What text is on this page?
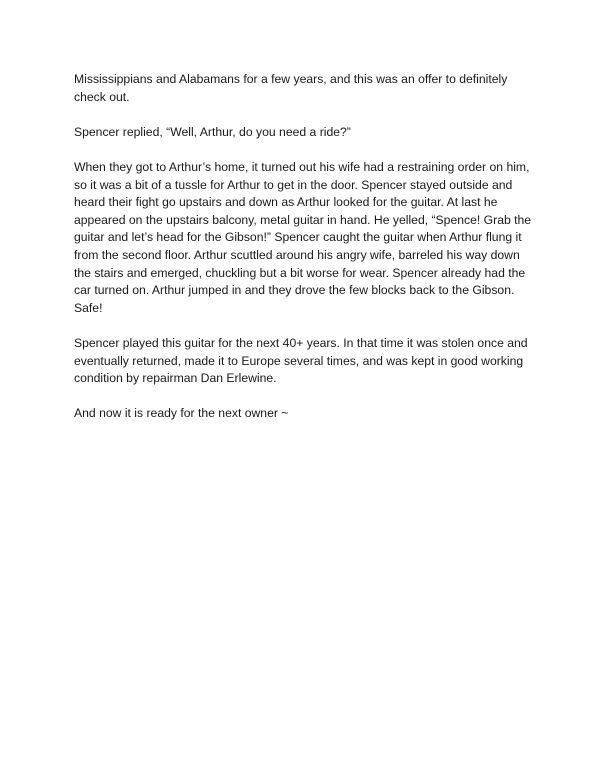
Mississippians and Alabamans for a few years, and this was an offer to definitely check out.

Spencer replied, “Well, Arthur, do you need a ride?”

When they got to Arthur’s home, it turned out his wife had a restraining order on him, so it was a bit of a tussle for Arthur to get in the door. Spencer stayed outside and heard their fight go upstairs and down as Arthur looked for the guitar. At last he appeared on the upstairs balcony, metal guitar in hand. He yelled, “Spence! Grab the guitar and let’s head for the Gibson!” Spencer caught the guitar when Arthur flung it from the second floor. Arthur scuttled around his angry wife, barreled his way down the stairs and emerged, chuckling but a bit worse for wear. Spencer already had the car turned on. Arthur jumped in and they drove the few blocks back to the Gibson. Safe!

Spencer played this guitar for the next 40+ years. In that time it was stolen once and eventually returned, made it to Europe several times, and was kept in good working condition by repairman Dan Erlewine.

And now it is ready for the next owner ~
